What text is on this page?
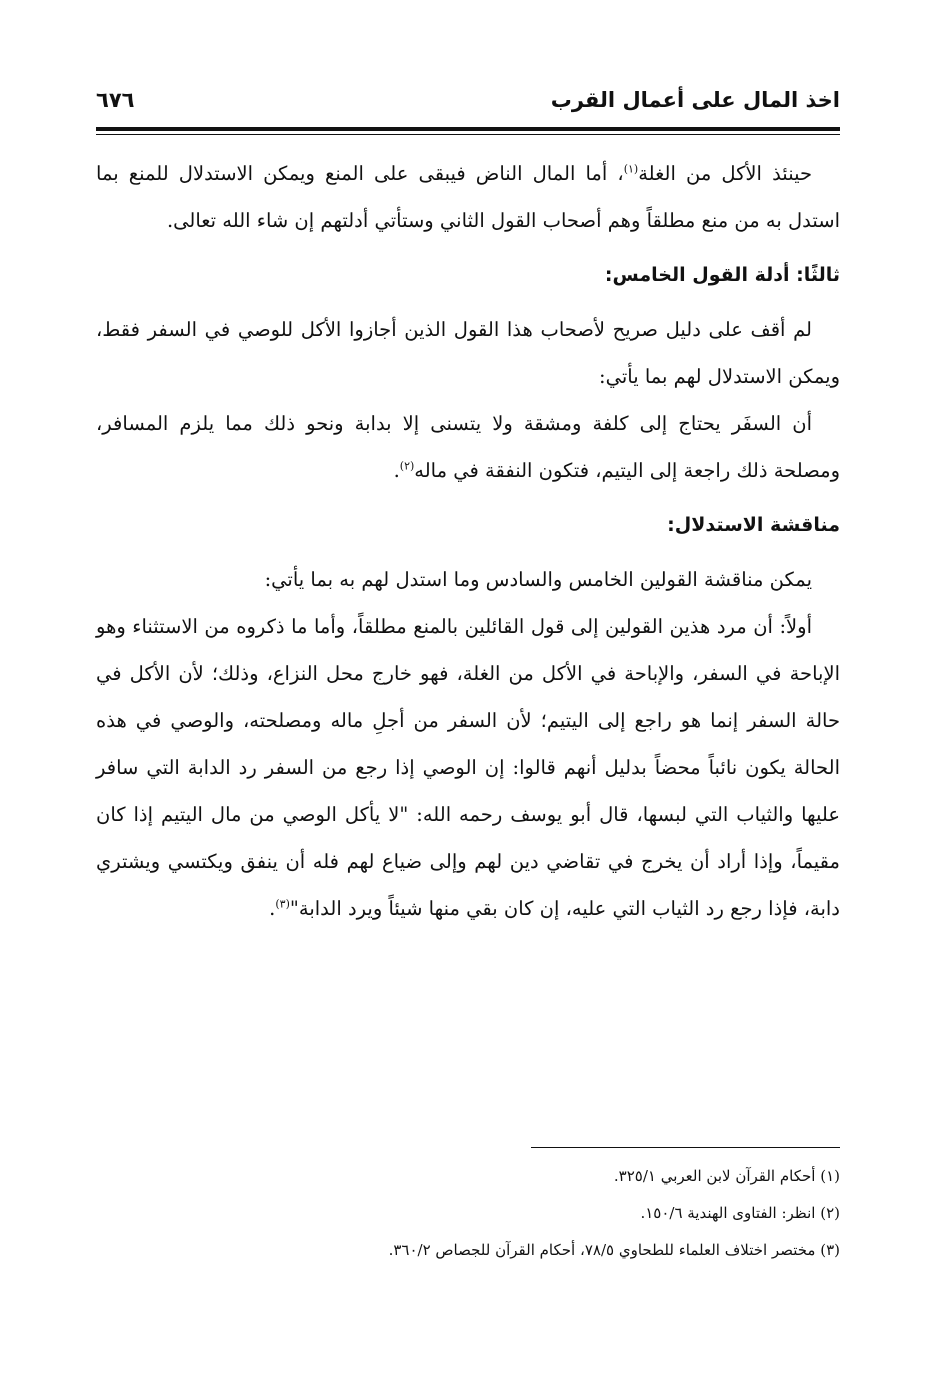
اخذ المال على أعمال القرب
٦٧٦

حينئذ الأكل من الغلة$^{(١)}$، أما المال الناض فيبقى على المنع ويمكن الاستدلال للمنع بما استدل به من منع مطلقاً وهم أصحاب القول الثاني وستأتي أدلتهم إن شاء الله تعالى.

ثالثًا: أدلة القول الخامس:

لم أقف على دليل صريح لأصحاب هذا القول الذين أجازوا الأكل للوصي في السفر فقط، ويمكن الاستدلال لهم بما يأتي:

أن السفَر يحتاج إلى كلفة ومشقة ولا يتسنى إلا بدابة ونحو ذلك مما يلزم المسافر، ومصلحة ذلك راجعة إلى اليتيم، فتكون النفقة في ماله$^{(٢)}$.

مناقشة الاستدلال:

يمكن مناقشة القولين الخامس والسادس وما استدل لهم به بما يأتي:

أولاً: أن مرد هذين القولين إلى قول القائلين بالمنع مطلقاً، وأما ما ذكروه من الاستثناء وهو الإباحة في السفر، والإباحة في الأكل من الغلة، فهو خارج محل النزاع، وذلك؛ لأن الأكل في حالة السفر إنما هو راجع إلى اليتيم؛ لأن السفر من أجلِ ماله ومصلحته، والوصي في هذه الحالة يكون نائباً محضاً بدليل أنهم قالوا: إن الوصي إذا رجع من السفر رد الدابة التي سافر عليها والثياب التي لبسها، قال أبو يوسف رحمه الله: "لا يأكل الوصي من مال اليتيم إذا كان مقيماً، وإذا أراد أن يخرج في تقاضي دين لهم وإلى ضياع لهم فله أن ينفق ويكتسي ويشتري دابة، فإذا رجع رد الثياب التي عليه، إن كان بقي منها شيئاً ويرد الدابة"$^{(٣)}$.

(١) أحكام القرآن لابن العربي ٣٢٥/١.

(٢) انظر: الفتاوى الهندية ١٥٠/٦.

(٣) مختصر اختلاف العلماء للطحاوي ٧٨/٥، أحكام القرآن للجصاص ٣٦٠/٢.
